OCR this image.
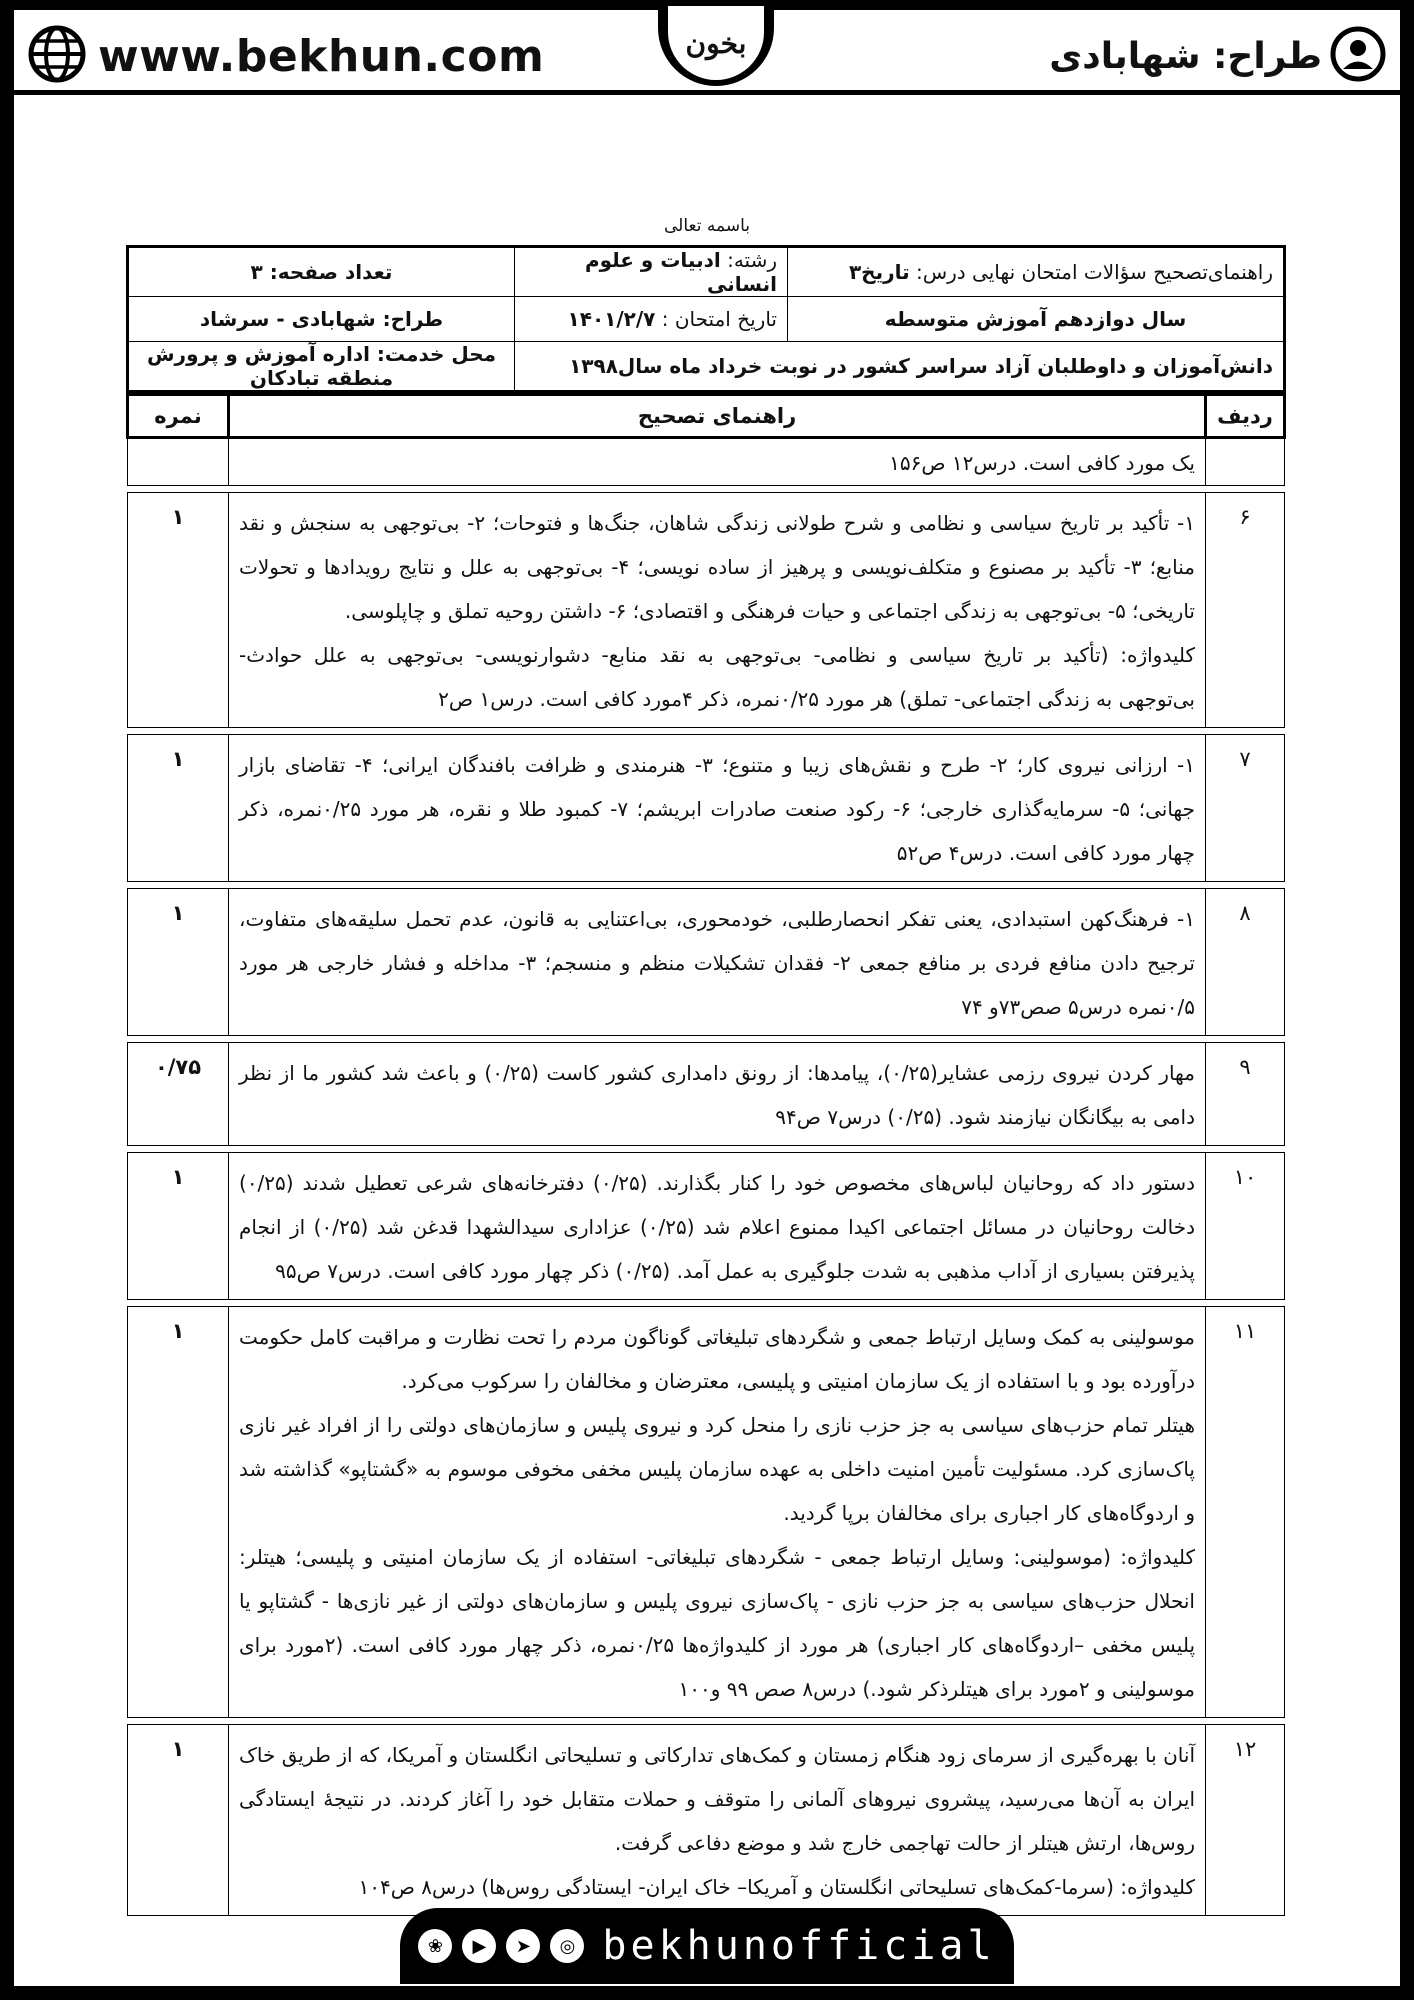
www.bekhun.com	طراح: شهابادی
بخون
باسمه تعالی
راهنمای‌تصحیح سؤالات امتحان نهایی درس: تاریخ۳	رشته: ادبیات و علوم انسانی	تعداد صفحه: ۳
سال دوازدهم آموزش متوسطه	تاریخ امتحان : ۱۴۰۱/۲/۷	طراح: شهابادی - سرشاد
دانش‌آموزان و داوطلبان آزاد سراسر کشور در نوبت خرداد ماه سال۱۳۹۸		محل خدمت: اداره آموزش و پرورش منطقه تبادکان
ردیف	راهنمای تصحیح	نمره

	یک مورد کافی است. درس۱۲ ص۱۵۶	

۶	۱- تأکید بر تاریخ سیاسی و نظامی و شرح طولانی زندگی شاهان، جنگ‌ها و فتوحات؛ ۲- بی‌توجهی به سنجش و نقد منابع؛ ۳- تأکید بر مصنوع و متکلف‌نویسی و پرهیز از ساده نویسی؛ ۴- بی‌توجهی به علل و نتایج رویدادها و تحولات تاریخی؛ ۵- بی‌توجهی به زندگی اجتماعی و حیات فرهنگی و اقتصادی؛ ۶- داشتن روحیه تملق و چاپلوسی.

کلیدواژه: (تأکید بر تاریخ سیاسی و نظامی- بی‌توجهی به نقد منابع- دشوارنویسی- بی‌توجهی به علل حوادث- بی‌توجهی به زندگی اجتماعی- تملق) هر مورد ۰/۲۵نمره، ذکر ۴مورد کافی است. درس۱ ص۲	۱

۷	۱- ارزانی نیروی کار؛ ۲- طرح و نقش‌های زیبا و متنوع؛ ۳- هنرمندی و ظرافت بافندگان ایرانی؛ ۴- تقاضای بازار جهانی؛ ۵- سرمایه‌گذاری خارجی؛ ۶- رکود صنعت صادرات ابریشم؛ ۷- کمبود طلا و نقره، هر مورد ۰/۲۵نمره، ذکر چهار مورد کافی است. درس۴ ص۵۲	۱

۸	۱- فرهنگ‌کهن استبدادی، یعنی تفکر انحصارطلبی، خودمحوری، بی‌اعتنایی به قانون، عدم تحمل سلیقه‌های متفاوت، ترجیح دادن منافع فردی بر منافع جمعی ۲- فقدان تشکیلات منظم و منسجم؛ ۳- مداخله و فشار خارجی هر مورد ۰/۵نمره درس۵ صص۷۳و ۷۴	۱

۹	مهار کردن نیروی رزمی عشایر(۰/۲۵)، پیامدها: از رونق دامداری کشور کاست (۰/۲۵) و باعث شد کشور ما از نظر دامی به بیگانگان نیازمند شود. (۰/۲۵) درس۷ ص۹۴	۰/۷۵

۱۰	دستور داد که روحانیان لباس‌های مخصوص خود را کنار بگذارند. (۰/۲۵) دفترخانه‌های شرعی تعطیل شدند (۰/۲۵) دخالت روحانیان در مسائل اجتماعی اکیدا ممنوع اعلام شد (۰/۲۵) عزاداری سیدالشهدا قدغن شد (۰/۲۵) از انجام پذیرفتن بسیاری از آداب مذهبی به شدت جلوگیری به عمل آمد. (۰/۲۵) ذکر چهار مورد کافی است. درس۷ ص۹۵	۱

۱۱	موسولینی به کمک وسایل ارتباط جمعی و شگردهای تبلیغاتی گوناگون مردم را تحت نظارت و مراقبت کامل حکومت درآورده بود و با استفاده از یک سازمان امنیتی و پلیسی، معترضان و مخالفان را سرکوب می‌کرد.

هیتلر تمام حزب‌های سیاسی به جز حزب نازی را منحل کرد و نیروی پلیس و سازمان‌های دولتی را از افراد غیر نازی پاک‌سازی کرد. مسئولیت تأمین امنیت داخلی به عهده سازمان پلیس مخفی مخوفی موسوم به «گشتاپو» گذاشته شد و اردوگاه‌های کار اجباری برای مخالفان برپا گردید.

کلیدواژه: (موسولینی: وسایل ارتباط جمعی - شگردهای تبلیغاتی- استفاده از یک سازمان امنیتی و پلیسی؛ هیتلر: انحلال حزب‌های سیاسی به جز حزب نازی - پاک‌سازی نیروی پلیس و سازمان‌های دولتی از غیر نازی‌ها - گشتاپو یا پلیس مخفی –اردوگاه‌های کار اجباری) هر مورد از کلیدواژه‌ها ۰/۲۵نمره، ذکر چهار مورد کافی است. (۲مورد برای موسولینی و ۲مورد برای هیتلرذکر شود.) درس۸ صص ۹۹ و۱۰۰	۱

۱۲	آنان با بهره‌گیری از سرمای زود هنگام زمستان و کمک‌های تدارکاتی و تسلیحاتی انگلستان و آمریکا، که از طریق خاک ایران به آن‌ها می‌رسید، پیشروی نیروهای آلمانی را متوقف و حملات متقابل خود را آغاز کردند. در نتیجهٔ ایستادگی روس‌ها، ارتش هیتلر از حالت تهاجمی خارج شد و موضع دفاعی گرفت.

کلیدواژه: (سرما-کمک‌های تسلیحاتی انگلستان و آمریکا– خاک ایران- ایستادگی روس‌ها) درس۸ ص۱۰۴	۱
❀	▶	➤	◎ bekhunofficial
